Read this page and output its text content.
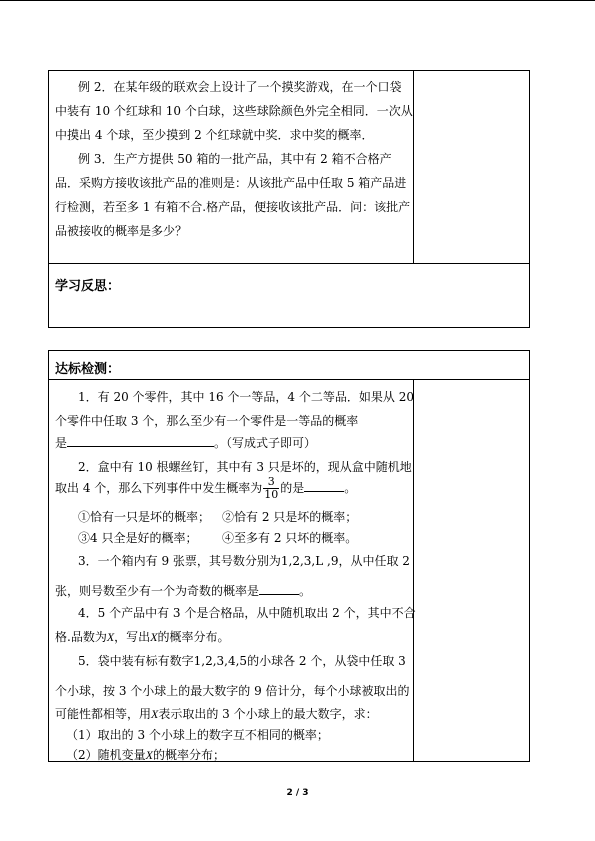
例 2．在某年级的联欢会上设计了一个摸奖游戏，在一个口袋
中装有 10 个红球和 10 个白球，这些球除颜色外完全相同．一次从
中摸出 4 个球，至少摸到 2 个红球就中奖．求中奖的概率．
例 3．生产方提供 50 箱的一批产品，其中有 2 箱不合格产
品．采购方接收该批产品的准则是：从该批产品中任取 5 箱产品进
行检测，若至多 1 有箱不合.格产品，便接收该批产品．问：该批产
品被接收的概率是多少？
学习反思：
达标检测：
1．有 20 个零件，其中 16 个一等品，4 个二等品．如果从 20
个零件中任取 3 个，那么至少有一个零件是一等品的概率
是	。（写成式子即可）
2．盒中有 10 根螺丝钉，其中有 3 只是坏的，现从盒中随机地
取出 4 个，那么下列事件中发生概率为 $\frac{3}{10}$ 的是	。
①恰有一只是坏的概率； ②恰有 2 只是坏的概率；
③4 只全是好的概率； ④至多有 2 只坏的概率。
3．一个箱内有 9 张票，其号数分别为1,2,3,L ,9，从中任取 2
张，则号数至少有一个为奇数的概率是	。
4．5 个产品中有 3 个是合格品，从中随机取出 2 个，其中不合
格.品数为X，写出X的概率分布。
5．袋中装有标有数字1,2,3,4,5的小球各 2 个，从袋中任取 3
个小球，按 3 个小球上的最大数字的 9 倍计分，每个小球被取出的
可能性都相等，用X表示取出的 3 个小球上的最大数字，求：
（1）取出的 3 个小球上的数字互不相同的概率；
（2）随机变量X的概率分布；
2 / 3
